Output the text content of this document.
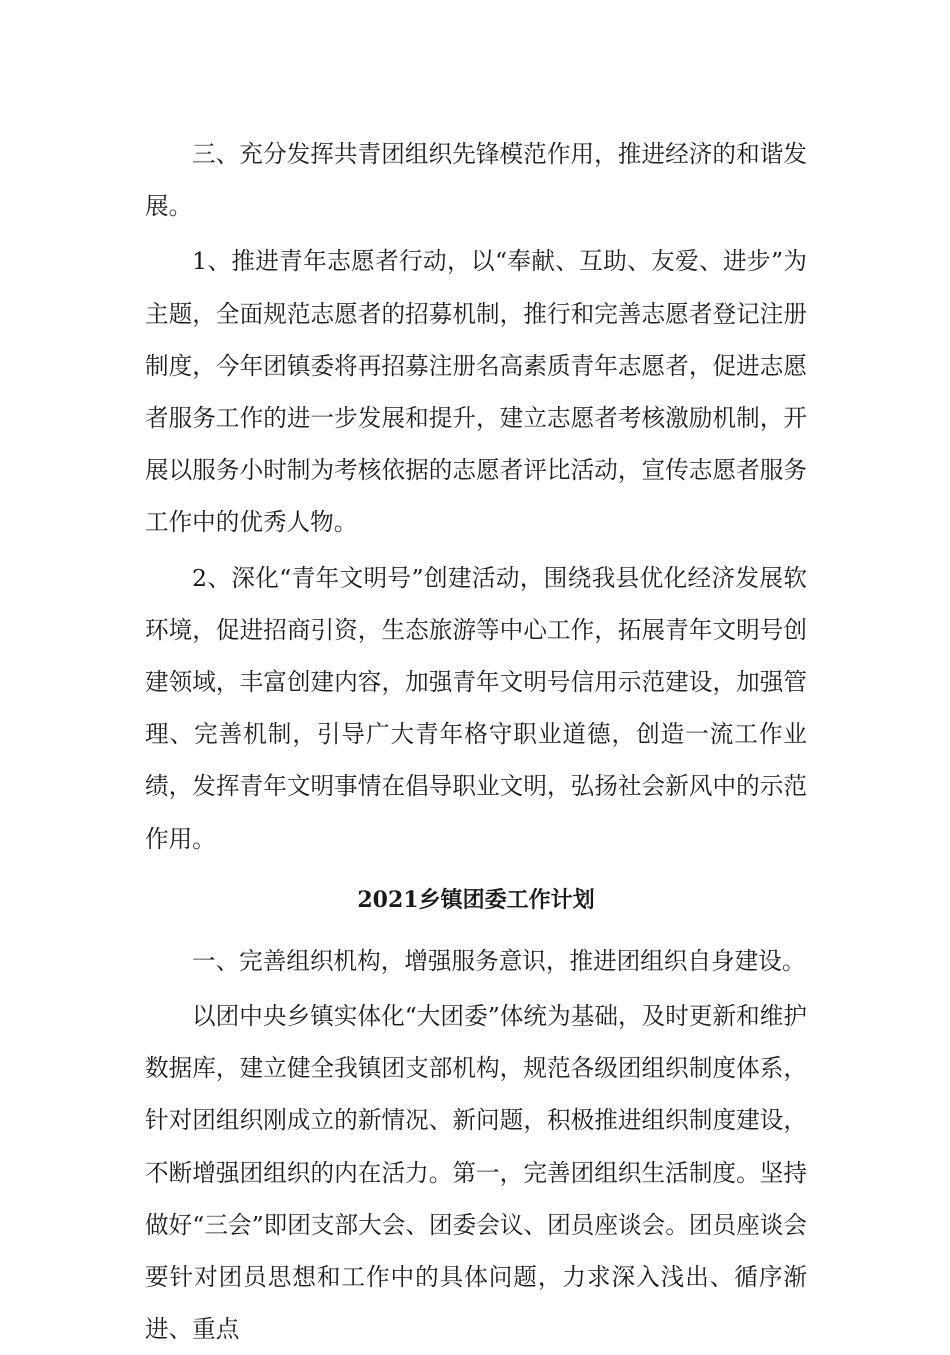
三、充分发挥共青团组织先锋模范作用，推进经济的和谐发展。

1、推进青年志愿者行动，以“奉献、互助、友爱、进步”为主题，全面规范志愿者的招募机制，推行和完善志愿者登记注册制度，今年团镇委将再招募注册名高素质青年志愿者，促进志愿者服务工作的进一步发展和提升，建立志愿者考核激励机制，开展以服务小时制为考核依据的志愿者评比活动，宣传志愿者服务工作中的优秀人物。

2、深化“青年文明号”创建活动，围绕我县优化经济发展软环境，促进招商引资，生态旅游等中心工作，拓展青年文明号创建领域，丰富创建内容，加强青年文明号信用示范建设，加强管理、完善机制，引导广大青年格守职业道德，创造一流工作业绩，发挥青年文明事情在倡导职业文明，弘扬社会新风中的示范作用。

2021乡镇团委工作计划

一、完善组织机构，增强服务意识，推进团组织自身建设。

以团中央乡镇实体化“大团委”体统为基础，及时更新和维护数据库，建立健全我镇团支部机构，规范各级团组织制度体系，针对团组织刚成立的新情况、新问题，积极推进组织制度建设，不断增强团组织的内在活力。第一，完善团组织生活制度。坚持做好“三会”即团支部大会、团委会议、团员座谈会。团员座谈会要针对团员思想和工作中的具体问题，力求深入浅出、循序渐进、重点
